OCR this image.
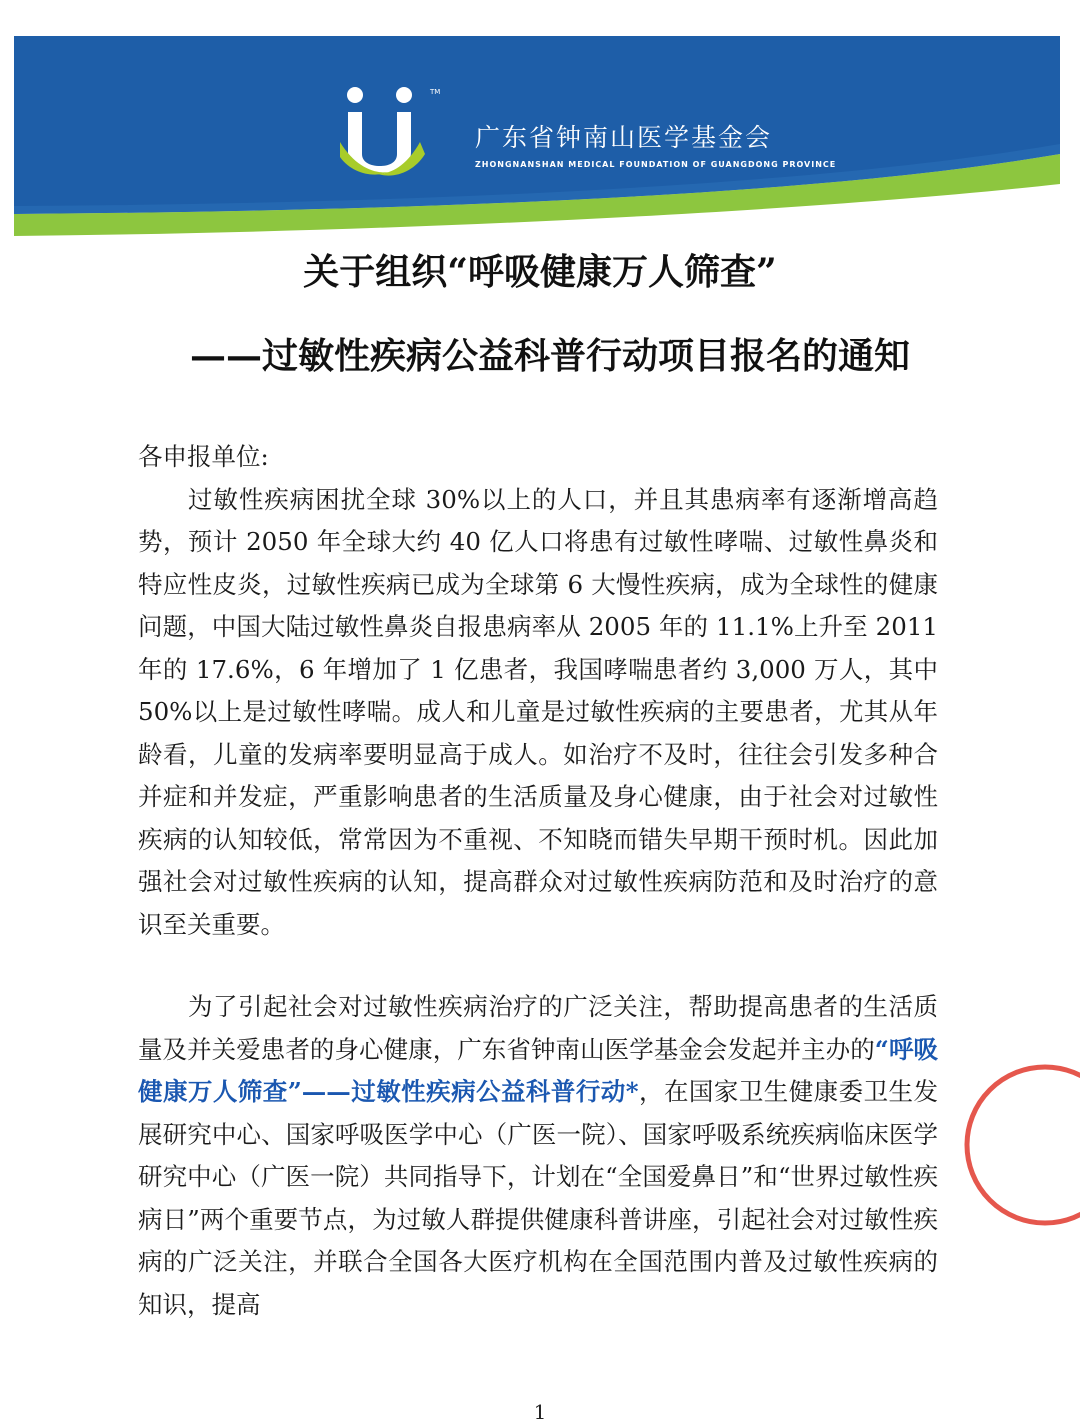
TM
广东省钟南山医学基金会
ZHONGNANSHAN MEDICAL FOUNDATION OF GUANGDONG PROVINCE
关于组织“呼吸健康万人筛查”
——过敏性疾病公益科普行动项目报名的通知

各申报单位:

过敏性疾病困扰全球 30%以上的人口，并且其患病率有逐渐增高趋势，预计 2050 年全球大约 40 亿人口将患有过敏性哮喘、过敏性鼻炎和特应性皮炎，过敏性疾病已成为全球第 6 大慢性疾病，成为全球性的健康问题，中国大陆过敏性鼻炎自报患病率从 2005 年的 11.1%上升至 2011 年的 17.6%，6 年增加了 1 亿患者，我国哮喘患者约 3,000 万人，其中 50%以上是过敏性哮喘。成人和儿童是过敏性疾病的主要患者，尤其从年龄看，儿童的发病率要明显高于成人。如治疗不及时，往往会引发多种合并症和并发症，严重影响患者的生活质量及身心健康，由于社会对过敏性疾病的认知较低，常常因为不重视、不知晓而错失早期干预时机。因此加强社会对过敏性疾病的认知，提高群众对过敏性疾病防范和及时治疗的意识至关重要。

为了引起社会对过敏性疾病治疗的广泛关注，帮助提高患者的生活质量及并关爱患者的身心健康，广东省钟南山医学基金会发起并主办的“呼吸健康万人筛查”——过敏性疾病公益科普行动*，在国家卫生健康委卫生发展研究中心、国家呼吸医学中心（广医一院）、国家呼吸系统疾病临床医学研究中心（广医一院）共同指导下，计划在“全国爱鼻日”和“世界过敏性疾病日”两个重要节点，为过敏人群提供健康科普讲座，引起社会对过敏性疾病的广泛关注，并联合全国各大医疗机构在全国范围内普及过敏性疾病的知识，提高

1
